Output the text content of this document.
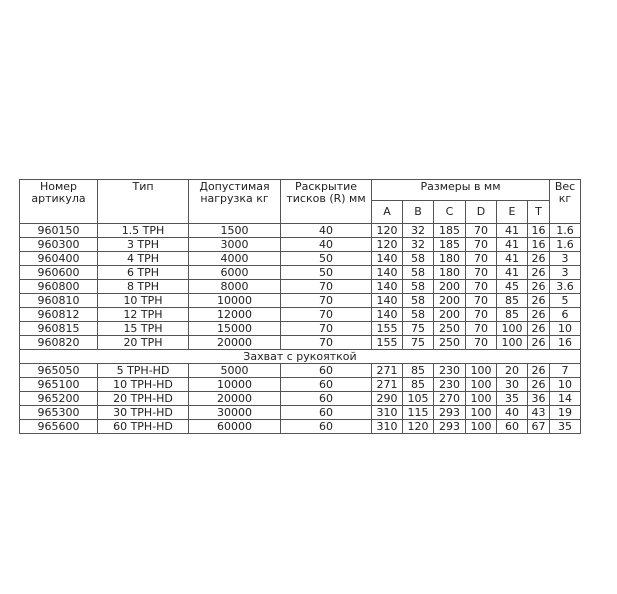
Номер артикула	Тип	Допустимая нагрузка кг	Раскрытие тисков (R) мм	Размеры в мм						Вес кг
				A	B	C	D	E	T	
960150	1.5 TPH	1500	40	120	32	185	70	41	16	1.6
960300	3 TPH	3000	40	120	32	185	70	41	16	1.6
960400	4 TPH	4000	50	140	58	180	70	41	26	3
960600	6 TPH	6000	50	140	58	180	70	41	26	3
960800	8 TPH	8000	70	140	58	200	70	45	26	3.6
960810	10 TPH	10000	70	140	58	200	70	85	26	5
960812	12 TPH	12000	70	140	58	200	70	85	26	6
960815	15 TPH	15000	70	155	75	250	70	100	26	10
960820	20 TPH	20000	70	155	75	250	70	100	26	16
Захват с рукояткой										
965050	5 TPH-HD	5000	60	271	85	230	100	20	26	7
965100	10 TPH-HD	10000	60	271	85	230	100	30	26	10
965200	20 TPH-HD	20000	60	290	105	270	100	35	36	14
965300	30 TPH-HD	30000	60	310	115	293	100	40	43	19
965600	60 TPH-HD	60000	60	310	120	293	100	60	67	35
